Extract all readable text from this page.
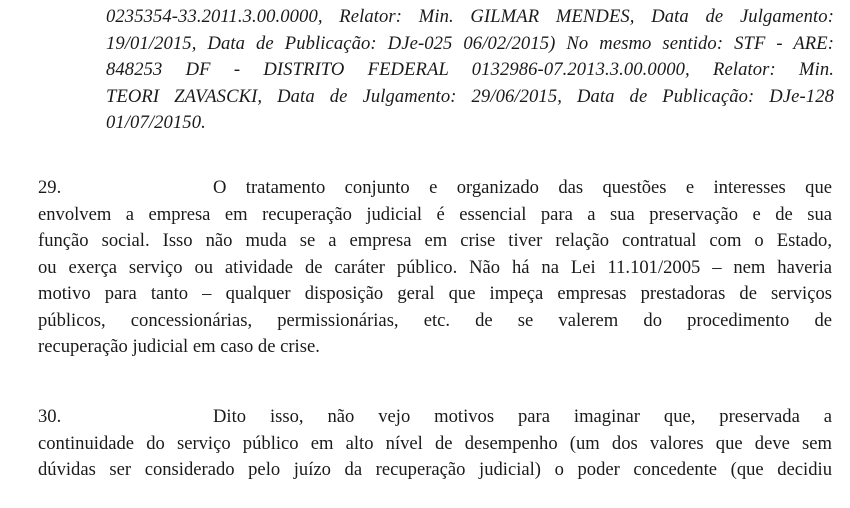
0235354-33.2011.3.00.0000, Relator: Min. GILMAR MENDES, Data de Julgamento:
19/01/2015, Data de Publicação: DJe-025 06/02/2015) No mesmo sentido: STF - ARE:
848253 DF - DISTRITO FEDERAL 0132986-07.2013.3.00.0000, Relator: Min.
TEORI ZAVASCKI, Data de Julgamento: 29/06/2015, Data de Publicação: DJe-128
01/07/20150.
29.	O tratamento conjunto e organizado das questões e interesses que
envolvem a empresa em recuperação judicial é essencial para a sua preservação e de sua
função social. Isso não muda se a empresa em crise tiver relação contratual com o Estado,
ou exerça serviço ou atividade de caráter público. Não há na Lei 11.101/2005 – nem haveria
motivo para tanto – qualquer disposição geral que impeça empresas prestadoras de serviços
públicos, concessionárias, permissionárias, etc. de se valerem do procedimento de
recuperação judicial em caso de crise.
30.	Dito isso, não vejo motivos para imaginar que, preservada a
continuidade do serviço público em alto nível de desempenho (um dos valores que deve sem
dúvidas ser considerado pelo juízo da recuperação judicial) o poder concedente (que decidiu
